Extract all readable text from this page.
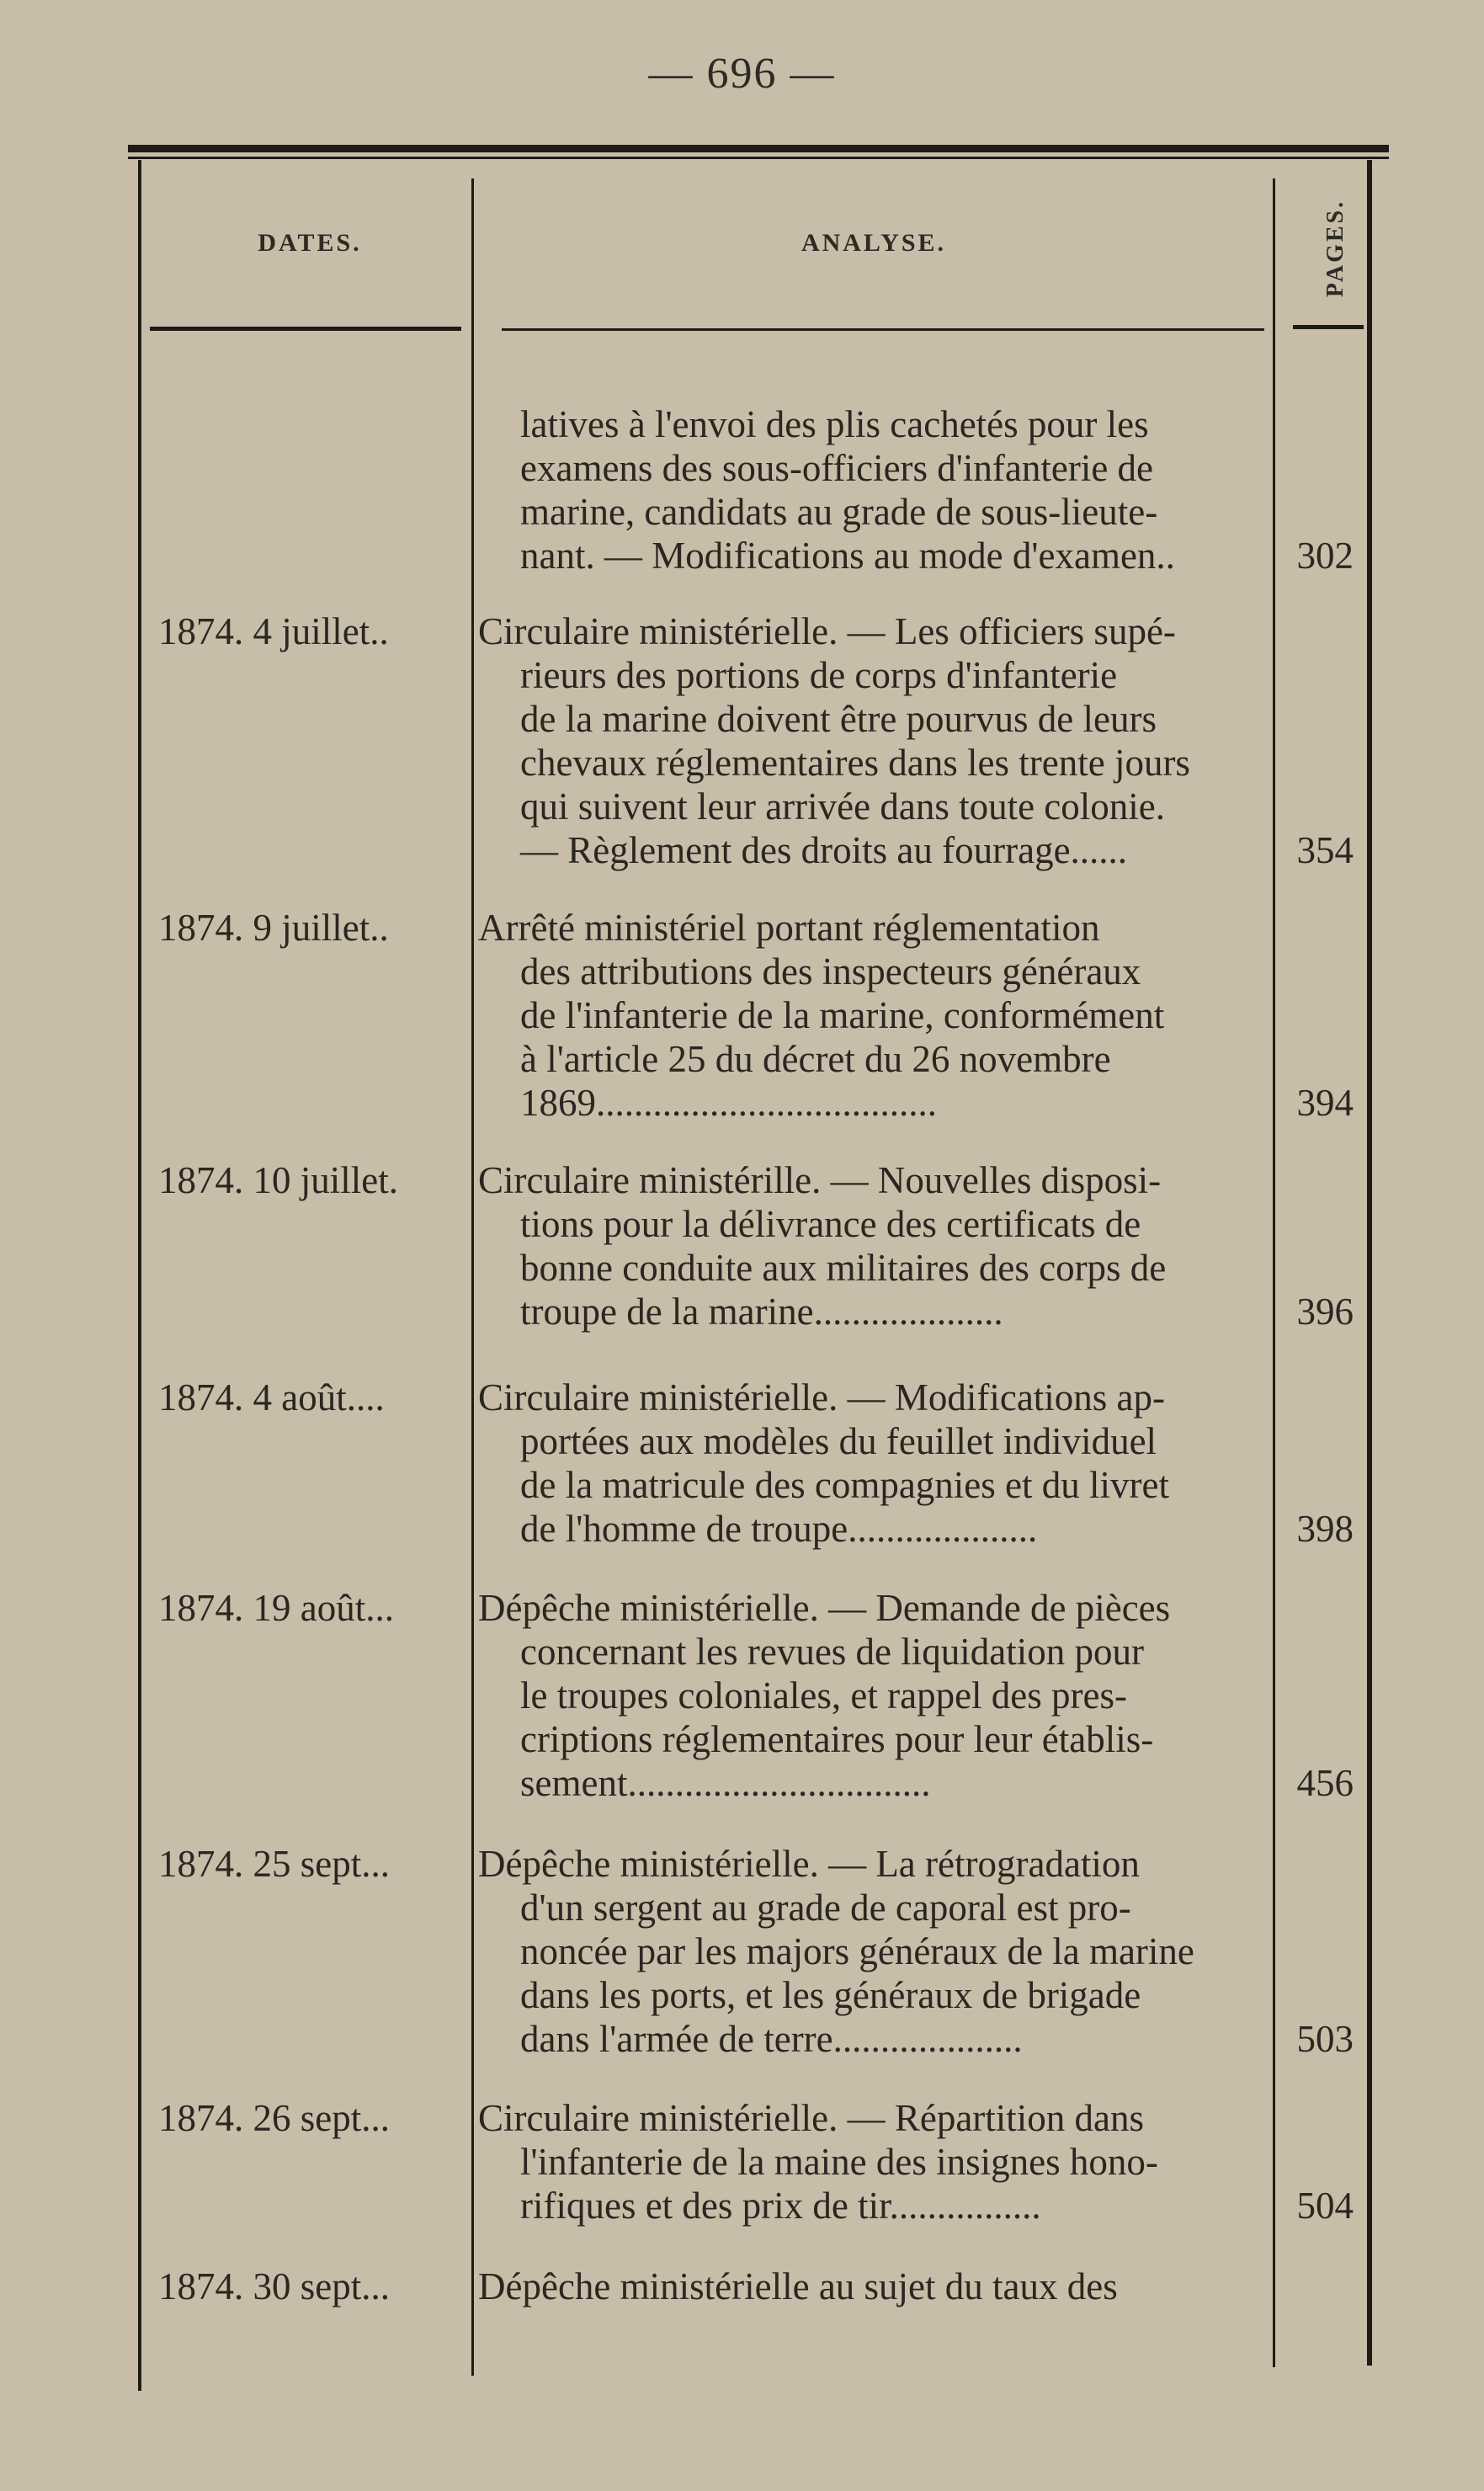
— 696 —
DATES.	ANALYSE.	PAGES.
latives à l'envoi des plis cachetés pour les
examens des sous-officiers d'infanterie de
marine, candidats au grade de sous-lieute-
nant. — Modifications au mode d'examen..	302
1874. 4 juillet..	Circulaire ministérielle. — Les officiers supé-
rieurs des portions de corps d'infanterie
de la marine doivent être pourvus de leurs
chevaux réglementaires dans les trente jours
qui suivent leur arrivée dans toute colonie.
— Règlement des droits au fourrage......	354
1874. 9 juillet..	Arrêté ministériel portant réglementation
des attributions des inspecteurs généraux
de l'infanterie de la marine, conformément
à l'article 25 du décret du 26 novembre
1869....................................	394
1874. 10 juillet.	Circulaire ministérille. — Nouvelles disposi-
tions pour la délivrance des certificats de
bonne conduite aux militaires des corps de
troupe de la marine....................	396
1874. 4 août....	Circulaire ministérielle. — Modifications ap-
portées aux modèles du feuillet individuel
de la matricule des compagnies et du livret
de l'homme de troupe....................	398
1874. 19 août...	Dépêche ministérielle. — Demande de pièces
concernant les revues de liquidation pour
le troupes coloniales, et rappel des pres-
criptions réglementaires pour leur établis-
sement................................	456
1874. 25 sept...	Dépêche ministérielle. — La rétrogradation
d'un sergent au grade de caporal est pro-
noncée par les majors généraux de la marine
dans les ports, et les généraux de brigade
dans l'armée de terre....................	503
1874. 26 sept...	Circulaire ministérielle. — Répartition dans
l'infanterie de la maine des insignes hono-
rifiques et des prix de tir................	504
1874. 30 sept...	Dépêche ministérielle au sujet du taux des
